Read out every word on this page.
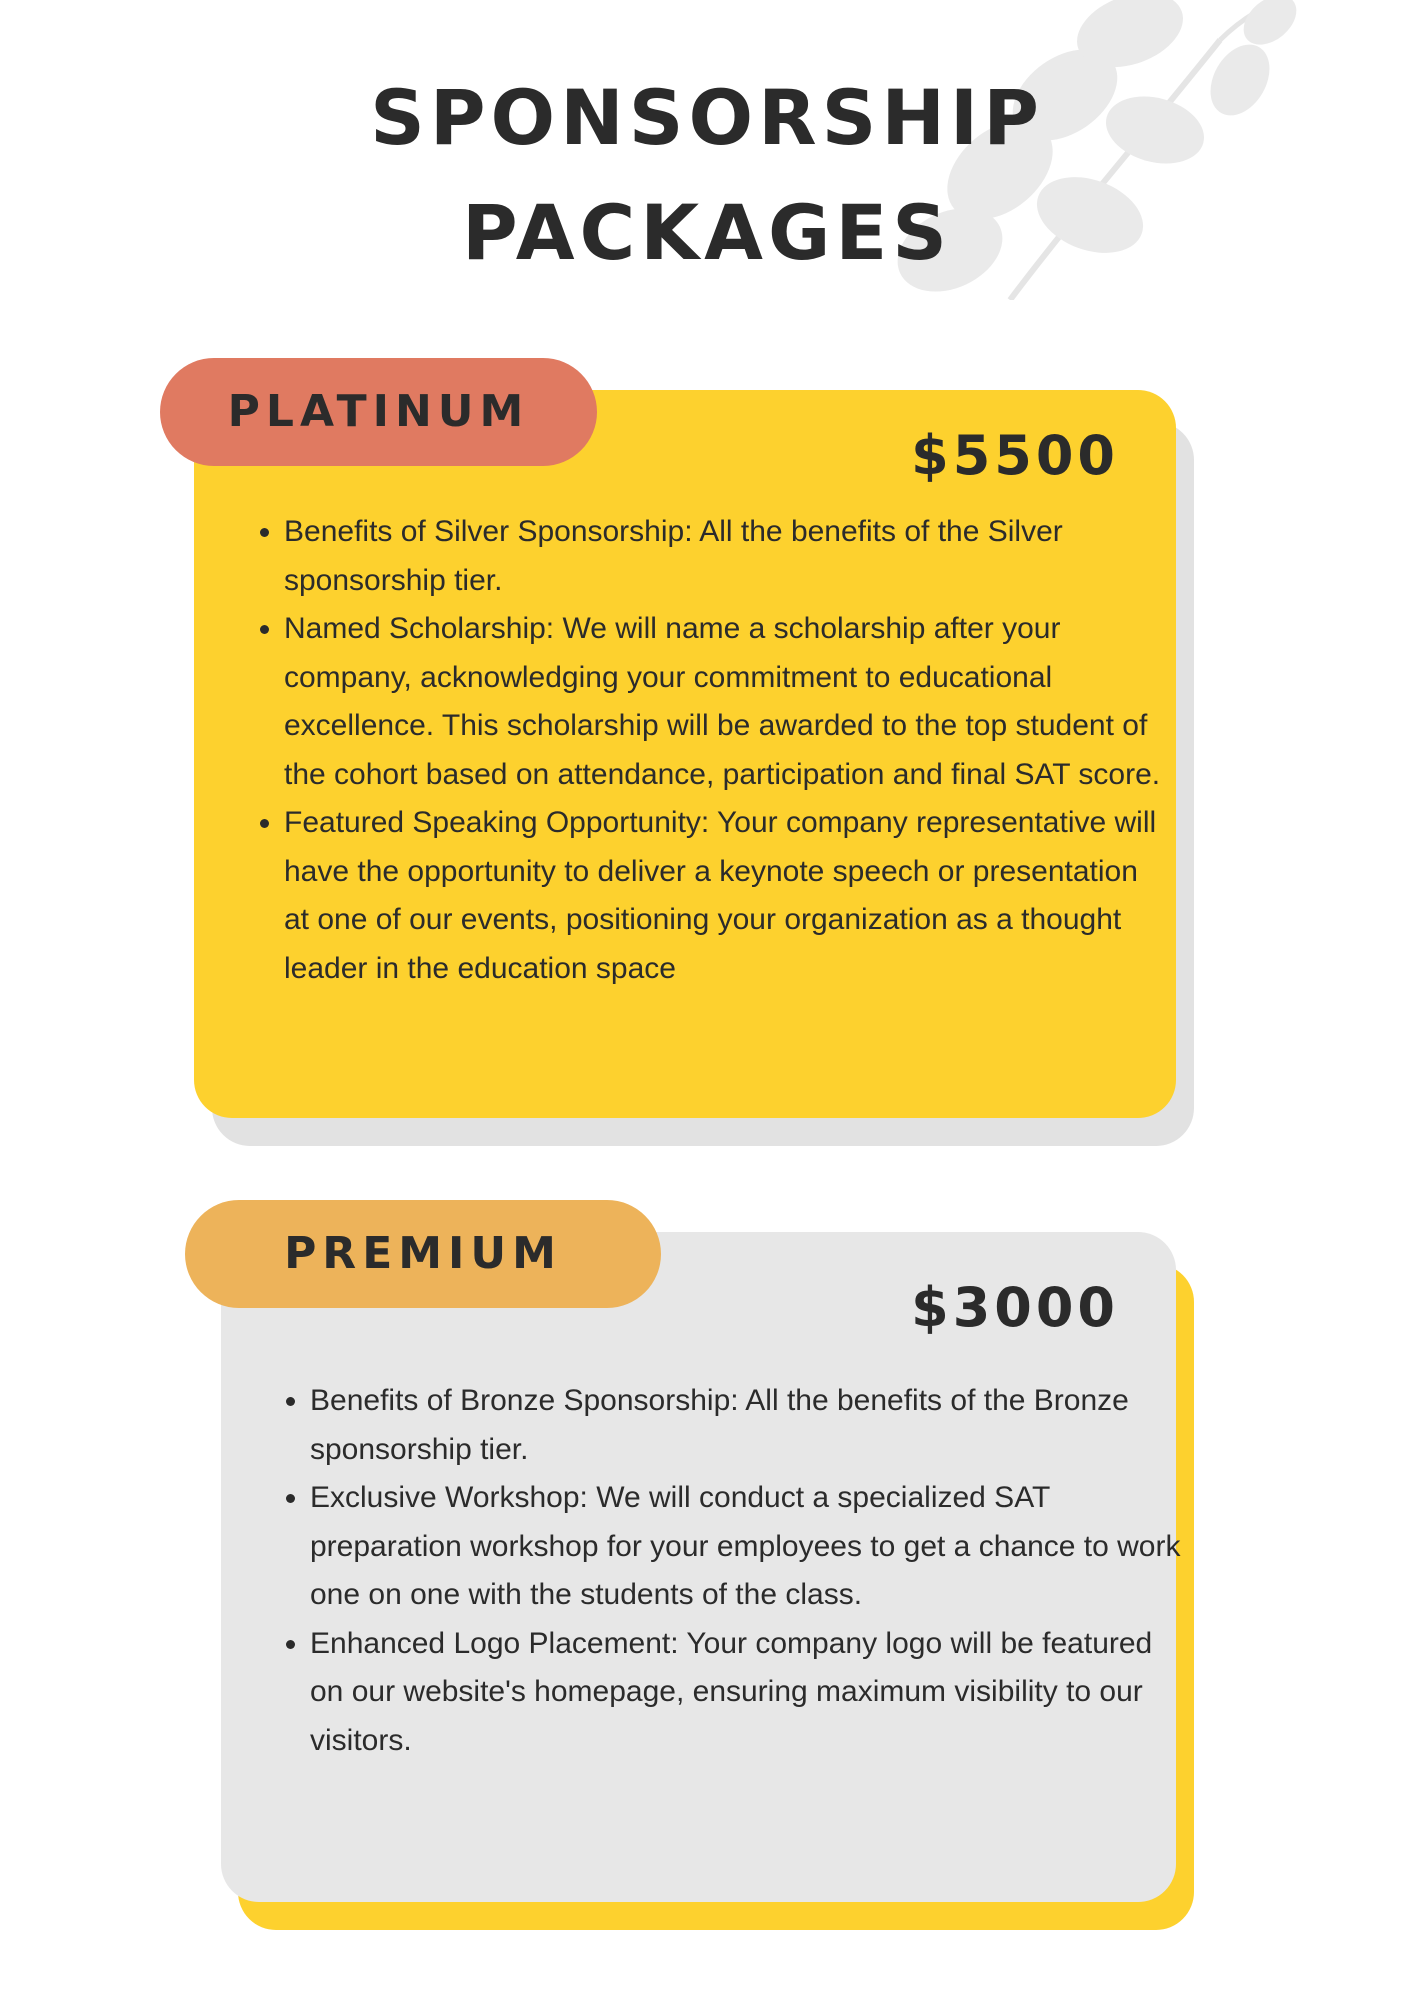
SPONSORSHIP
PACKAGES
PLATINUM
$5500
• Benefits of Silver Sponsorship: All the benefits of the Silver sponsorship tier.
• Named Scholarship: We will name a scholarship after your company, acknowledging your commitment to educational excellence. This scholarship will be awarded to the top student of the cohort based on attendance, participation and final SAT score.
• Featured Speaking Opportunity: Your company representative will have the opportunity to deliver a keynote speech or presentation at one of our events, positioning your organization as a thought leader in the education space
PREMIUM
$3000
• Benefits of Bronze Sponsorship: All the benefits of the Bronze sponsorship tier.
• Exclusive Workshop: We will conduct a specialized SAT preparation workshop for your employees to get a chance to work one on one with the students of the class.
• Enhanced Logo Placement: Your company logo will be featured on our website's homepage, ensuring maximum visibility to our visitors.
